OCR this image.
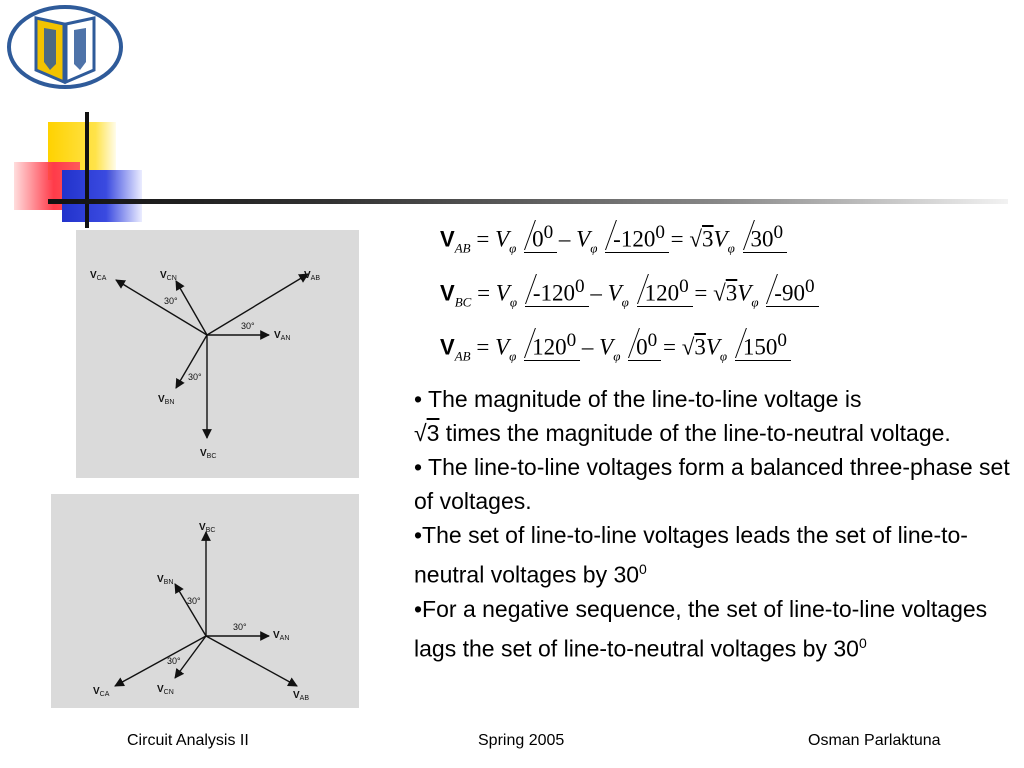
$V_{CA}$	$V_{CN}$	$V_{AB}$
$V_{AN}$
$V_{BN}$
$V_{BC}$
30°
30°
30°
$V_{BC}$
$V_{BN}$
$V_{AN}$
$V_{CA}$	$V_{CN}$	$V_{AB}$
30°
30°
30°
$V_{AB} = V_\varphi$ $0^0 - V_\varphi$ $-120^0 = √3V_\varphi$ $30^0$
$V_{BC} = V_\varphi$ $-120^0 - V_\varphi$ $120^0 = √3V_\varphi$ $-90^0$
$V_{AB} = V_\varphi$ $120^0 - V_\varphi$ $0^0 = √3V_\varphi$ $150^0$

• The magnitude of the line-to-line voltage is
√3 times the magnitude of the line-to-neutral voltage.

• The line-to-line voltages form a balanced three-phase set of voltages.

•The set of line-to-line voltages leads the set of line-to-neutral voltages by $30^0$

•For a negative sequence, the set of line-to-line voltages lags the set of line-to-neutral voltages by $30^0$

Circuit Analysis II	Spring 2005	Osman Parlaktuna
